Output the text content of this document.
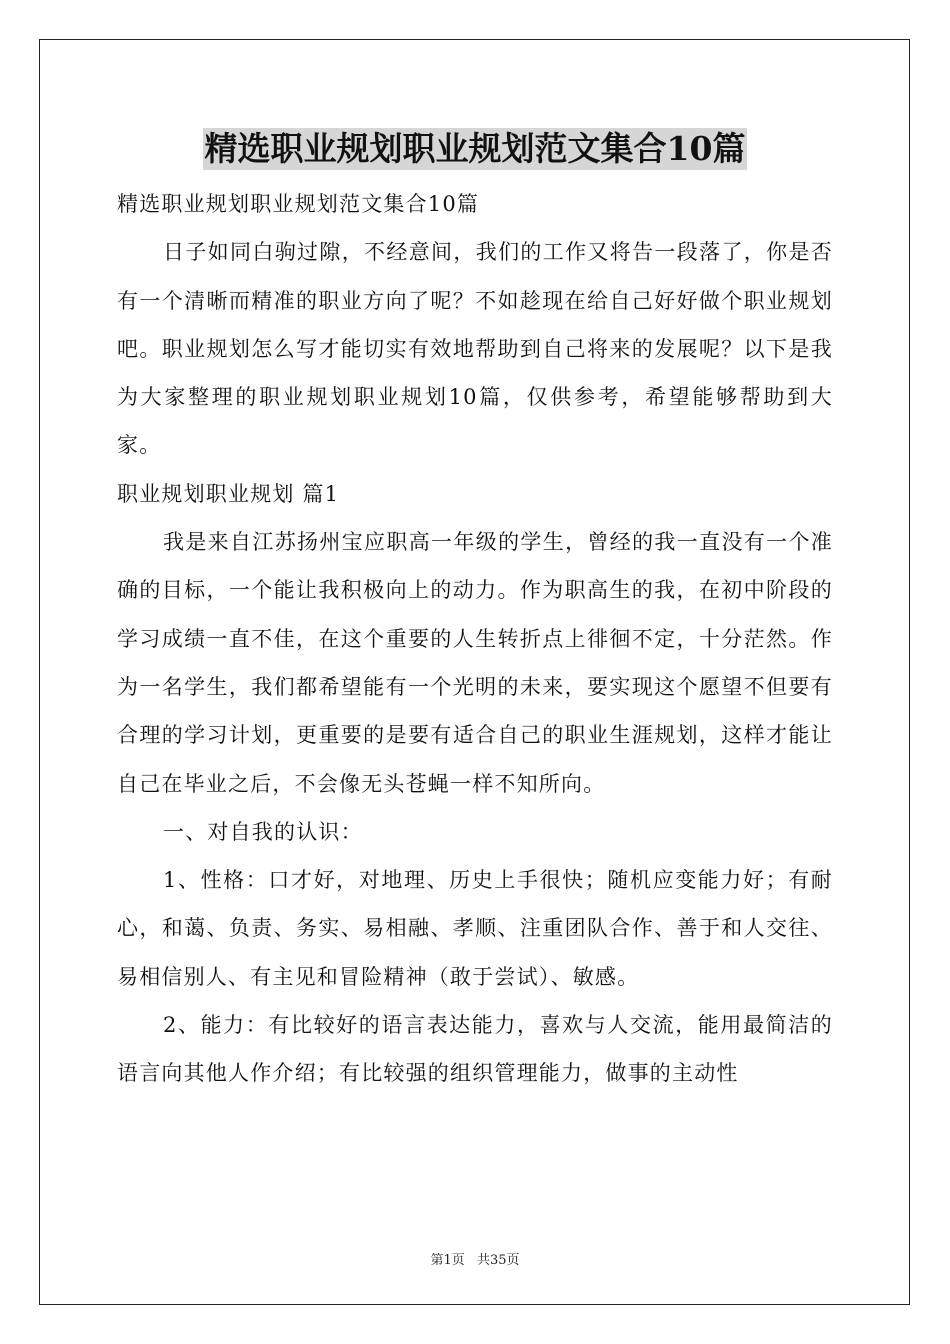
精选职业规划职业规划范文集合10篇

精选职业规划职业规划范文集合10篇

日子如同白驹过隙，不经意间，我们的工作又将告一段落了，你是否有一个清晰而精准的职业方向了呢？不如趁现在给自己好好做个职业规划吧。职业规划怎么写才能切实有效地帮助到自己将来的发展呢？以下是我为大家整理的职业规划职业规划10篇，仅供参考，希望能够帮助到大家。

职业规划职业规划 篇1

我是来自江苏扬州宝应职高一年级的学生，曾经的我一直没有一个准确的目标，一个能让我积极向上的动力。作为职高生的我，在初中阶段的学习成绩一直不佳，在这个重要的人生转折点上徘徊不定，十分茫然。作为一名学生，我们都希望能有一个光明的未来，要实现这个愿望不但要有合理的学习计划，更重要的是要有适合自己的职业生涯规划，这样才能让自己在毕业之后，不会像无头苍蝇一样不知所向。

一、对自我的认识：

1、性格：口才好，对地理、历史上手很快；随机应变能力好；有耐心，和蔼、负责、务实、易相融、孝顺、注重团队合作、善于和人交往、易相信别人、有主见和冒险精神（敢于尝试）、敏感。

2、能力：有比较好的语言表达能力，喜欢与人交流，能用最简洁的语言向其他人作介绍；有比较强的组织管理能力，做事的主动性

第1页 共35页
